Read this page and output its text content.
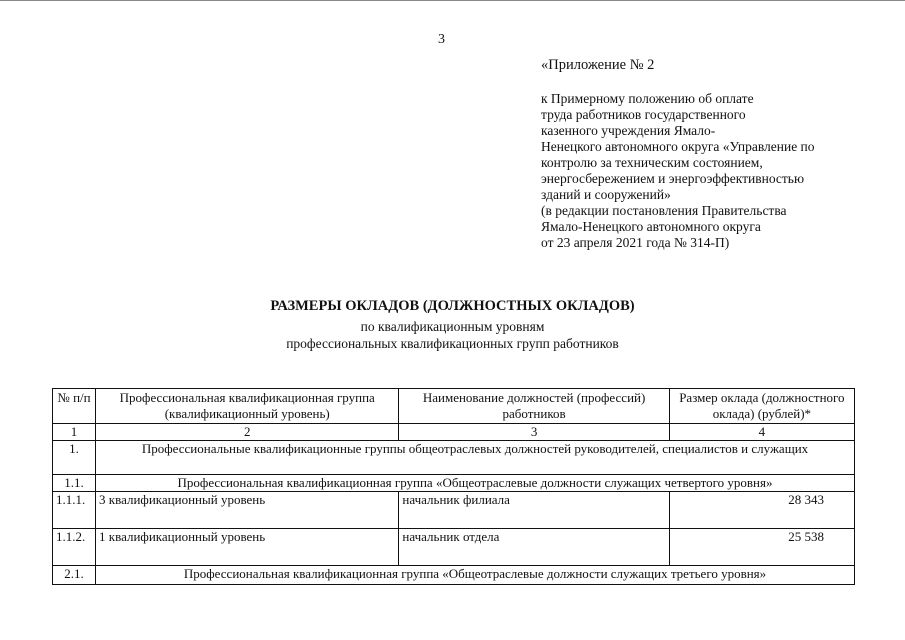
3
«Приложение № 2
к Примерному положению об оплате
труда работников государственного
казенного учреждения Ямало-
Ненецкого автономного округа «Управление по
контролю за техническим состоянием,
энергосбережением и энергоэффективностью
зданий и сооружений»
(в редакции постановления Правительства
Ямало-Ненецкого автономного округа
от 23 апреля 2021 года № 314-П)
РАЗМЕРЫ ОКЛАДОВ (ДОЛЖНОСТНЫХ ОКЛАДОВ)
по квалификационным уровням
профессиональных квалификационных групп работников
№ п/п	Профессиональная квалификационная группа (квалификационный уровень)	Наименование должностей (профессий) работников	Размер оклада (должностного оклада) (рублей)*
1	2	3	4
1.	Профессиональные квалификационные группы общеотраслевых должностей руководителей, специалистов и служащих		
1.1.	Профессиональная квалификационная группа «Общеотраслевые должности служащих четвертого уровня»		
1.1.1.	3 квалификационный уровень	начальник филиала	28 343
1.1.2.	1 квалификационный уровень	начальник отдела	25 538
2.1.	Профессиональная квалификационная группа «Общеотраслевые должности служащих третьего уровня»		
